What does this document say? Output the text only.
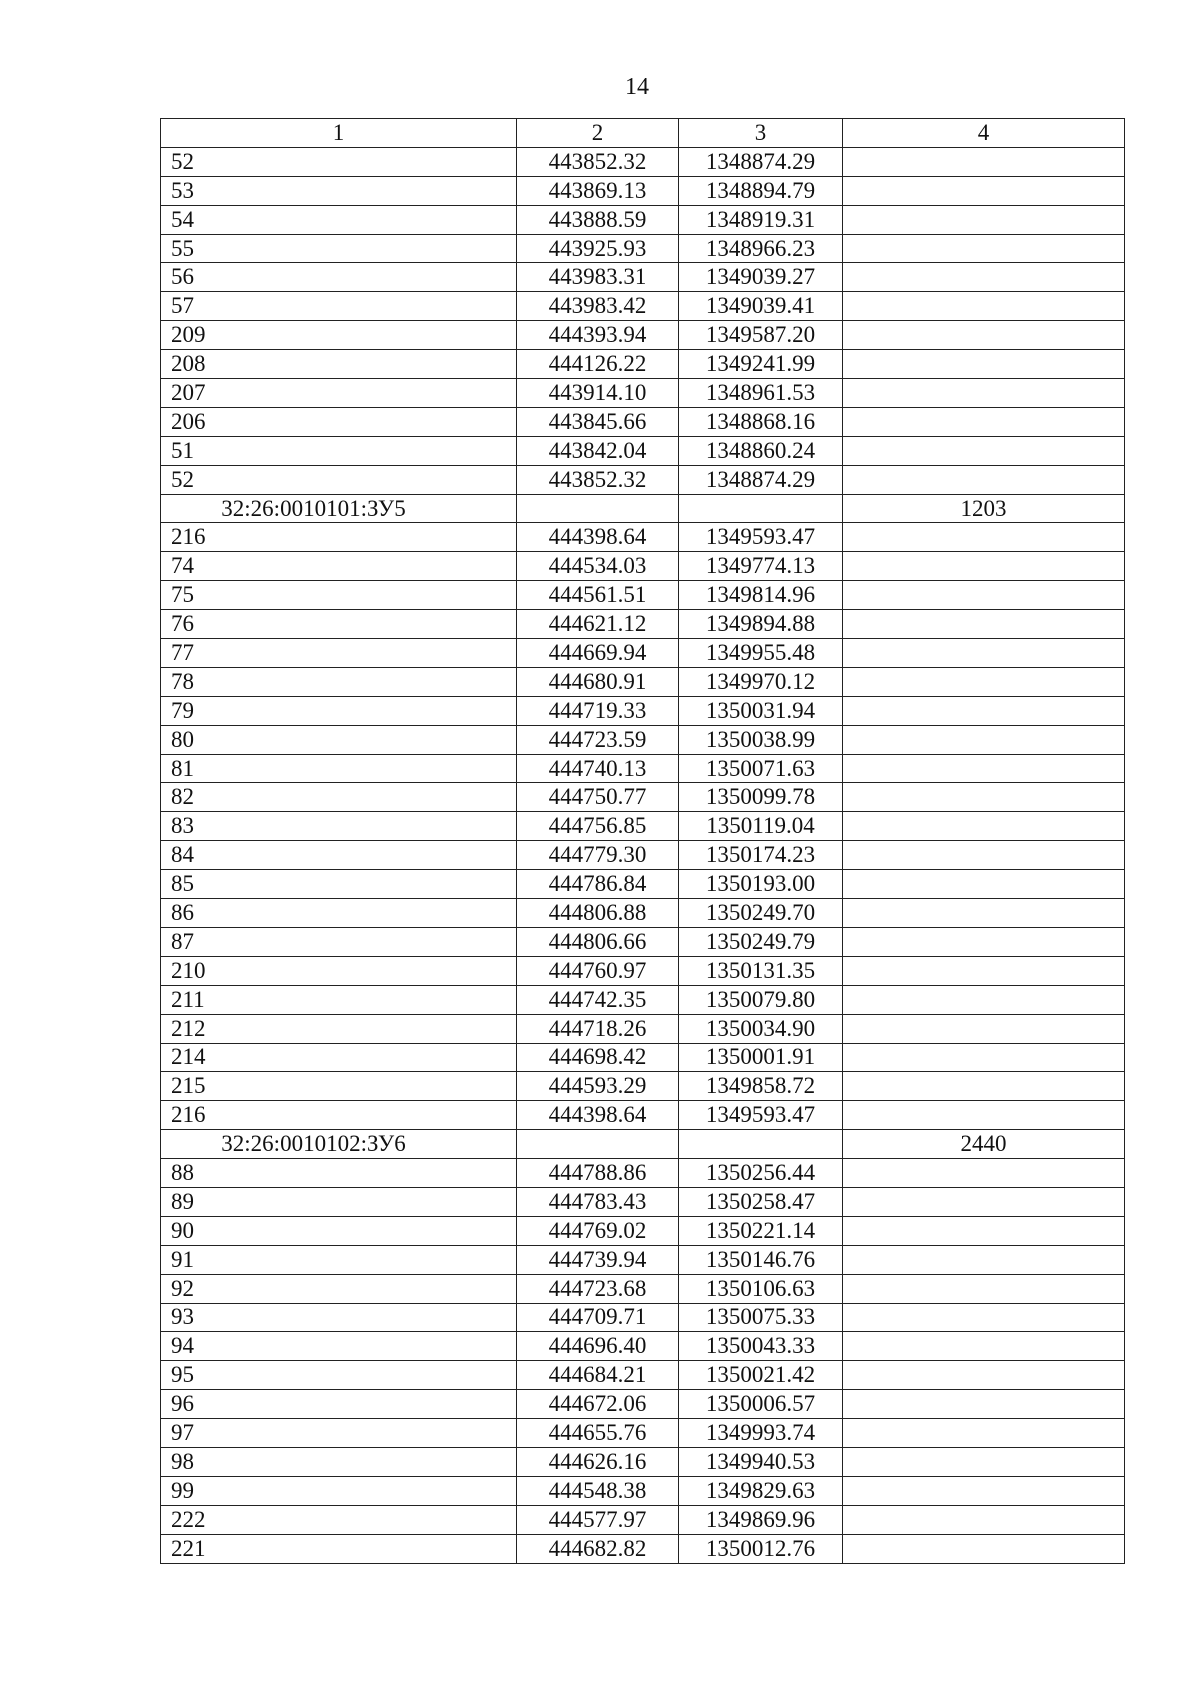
14
1	2	3	4
52	443852.32	1348874.29	
53	443869.13	1348894.79	
54	443888.59	1348919.31	
55	443925.93	1348966.23	
56	443983.31	1349039.27	
57	443983.42	1349039.41	
209	444393.94	1349587.20	
208	444126.22	1349241.99	
207	443914.10	1348961.53	
206	443845.66	1348868.16	
51	443842.04	1348860.24	
52	443852.32	1348874.29	
32:26:0010101:ЗУ5			1203
216	444398.64	1349593.47	
74	444534.03	1349774.13	
75	444561.51	1349814.96	
76	444621.12	1349894.88	
77	444669.94	1349955.48	
78	444680.91	1349970.12	
79	444719.33	1350031.94	
80	444723.59	1350038.99	
81	444740.13	1350071.63	
82	444750.77	1350099.78	
83	444756.85	1350119.04	
84	444779.30	1350174.23	
85	444786.84	1350193.00	
86	444806.88	1350249.70	
87	444806.66	1350249.79	
210	444760.97	1350131.35	
211	444742.35	1350079.80	
212	444718.26	1350034.90	
214	444698.42	1350001.91	
215	444593.29	1349858.72	
216	444398.64	1349593.47	
32:26:0010102:ЗУ6			2440
88	444788.86	1350256.44	
89	444783.43	1350258.47	
90	444769.02	1350221.14	
91	444739.94	1350146.76	
92	444723.68	1350106.63	
93	444709.71	1350075.33	
94	444696.40	1350043.33	
95	444684.21	1350021.42	
96	444672.06	1350006.57	
97	444655.76	1349993.74	
98	444626.16	1349940.53	
99	444548.38	1349829.63	
222	444577.97	1349869.96	
221	444682.82	1350012.76	
